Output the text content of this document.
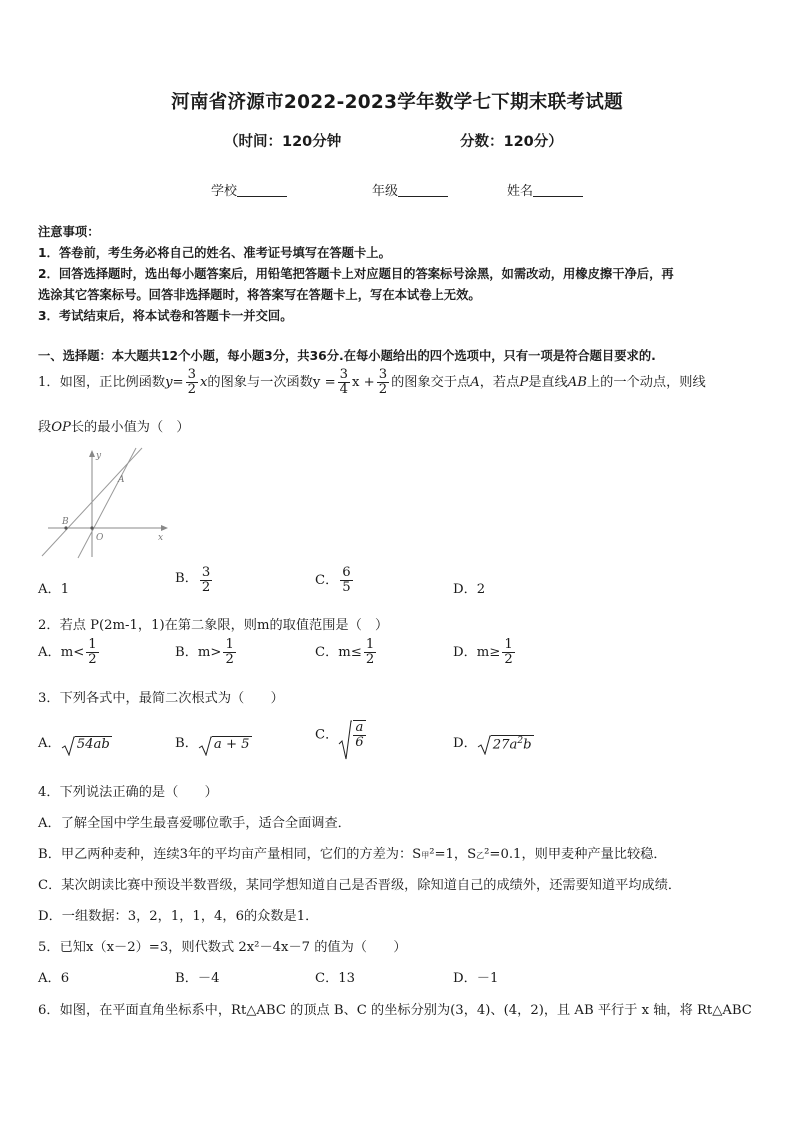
河南省济源市2022-2023学年数学七下期末联考试题
（时间：120分钟	分数：120分）
学校	年级	姓名
注意事项：
1．答卷前，考生务必将自己的姓名、准考证号填写在答题卡上。
2．回答选择题时，选出每小题答案后，用铅笔把答题卡上对应题目的答案标号涂黑，如需改动，用橡皮擦干净后，再
选涂其它答案标号。回答非选择题时，将答案写在答题卡上，写在本试卷上无效。
3．考试结束后，将本试卷和答题卡一并交回。
一、选择题：本大题共12个小题，每小题3分，共36分.在每小题给出的四个选项中，只有一项是符合题目要求的.
1．如图，正比例函数$y= \frac{3}{2}$ x的图象与一次函数$y = \frac{3}{4}$ $x + \frac{3}{2}$ 的图象交于点A，若点P是直线AB上的一个动点，则线
段OP长的最小值为（　）
y
A
B
O	x
A．1
B． $\frac{3}{2}$	C． $\frac{6}{5}$	D．2
2．若点 P(2m-1，1)在第二象限，则m的取值范围是（　）
A．$m< \frac{1}{2}$	B．$m> \frac{1}{2}$	C．$m\le \frac{1}{2}$	D．$m\ge \frac{1}{2}$
3．下列各式中，最简二次根式为（　　）
A． 54ab	B． a + 5
C． $\frac{a}{6}$	D． $27a^2b$
4．下列说法正确的是（　　）
A．了解全国中学生最喜爱哪位歌手，适合全面调查．
B．甲乙两种麦种，连续3年的平均亩产量相同，它们的方差为：S甲²=1，S乙²=0.1，则甲麦种产量比较稳．
C．某次朗读比赛中预设半数晋级，某同学想知道自己是否晋级，除知道自己的成绩外，还需要知道平均成绩．
D．一组数据：3，2，1，1，4，6的众数是1．
5．已知x（x－2）=3，则代数式 2x²－4x－7 的值为（　　）
A．6	B．－4	C．13	D．－1
6．如图，在平面直角坐标系中，Rt△ABC 的顶点 B、C 的坐标分别为(3，4)、(4，2)，且 AB 平行于 x 轴，将 Rt△ABC
